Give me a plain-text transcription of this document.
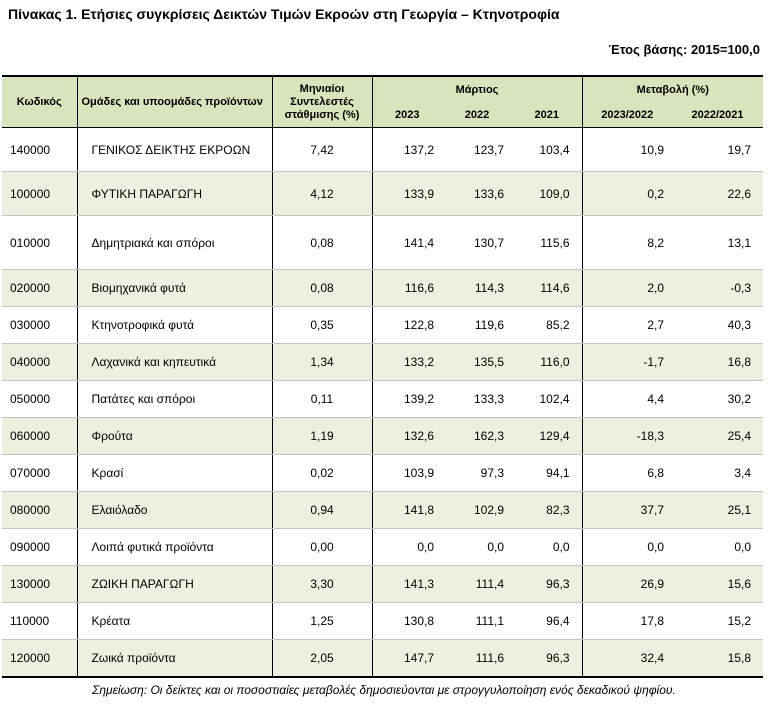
Πίνακας 1. Ετήσιες συγκρίσεις Δεικτών Τιμών Εκροών στη Γεωργία – Κτηνοτροφία
Έτος βάσης: 2015=100,0
Κωδικός	Ομάδες και υποομάδες προϊόντων	Μηνιαίοι Συντελεστές στάθμισης (%)	Μάρτιος			Μεταβολή (%)	
			2023	2022	2021	2023/2022	2022/2021
140000	ΓΕΝΙΚΟΣ ΔΕΙΚΤΗΣ ΕΚΡΟΩΝ	7,42	137,2	123,7	103,4	10,9	19,7
100000	ΦΥΤΙΚΗ ΠΑΡΑΓΩΓΗ	4,12	133,9	133,6	109,0	0,2	22,6
010000	Δημητριακά και σπόροι	0,08	141,4	130,7	115,6	8,2	13,1
020000	Βιομηχανικά φυτά	0,08	116,6	114,3	114,6	2,0	-0,3
030000	Κτηνοτροφικά φυτά	0,35	122,8	119,6	85,2	2,7	40,3
040000	Λαχανικά και κηπευτικά	1,34	133,2	135,5	116,0	-1,7	16,8
050000	Πατάτες και σπόροι	0,11	139,2	133,3	102,4	4,4	30,2
060000	Φρούτα	1,19	132,6	162,3	129,4	-18,3	25,4
070000	Κρασί	0,02	103,9	97,3	94,1	6,8	3,4
080000	Ελαιόλαδο	0,94	141,8	102,9	82,3	37,7	25,1
090000	Λοιπά φυτικά προϊόντα	0,00	0,0	0,0	0,0	0,0	0,0
130000	ΖΩΙΚΗ ΠΑΡΑΓΩΓΗ	3,30	141,3	111,4	96,3	26,9	15,6
110000	Κρέατα	1,25	130,8	111,1	96,4	17,8	15,2
120000	Ζωικά προϊόντα	2,05	147,7	111,6	96,3	32,4	15,8
Σημείωση: Οι δείκτες και οι ποσοστιαίες μεταβολές δημοσιεύονται με στρογγυλοποίηση ενός δεκαδικού ψηφίου.
